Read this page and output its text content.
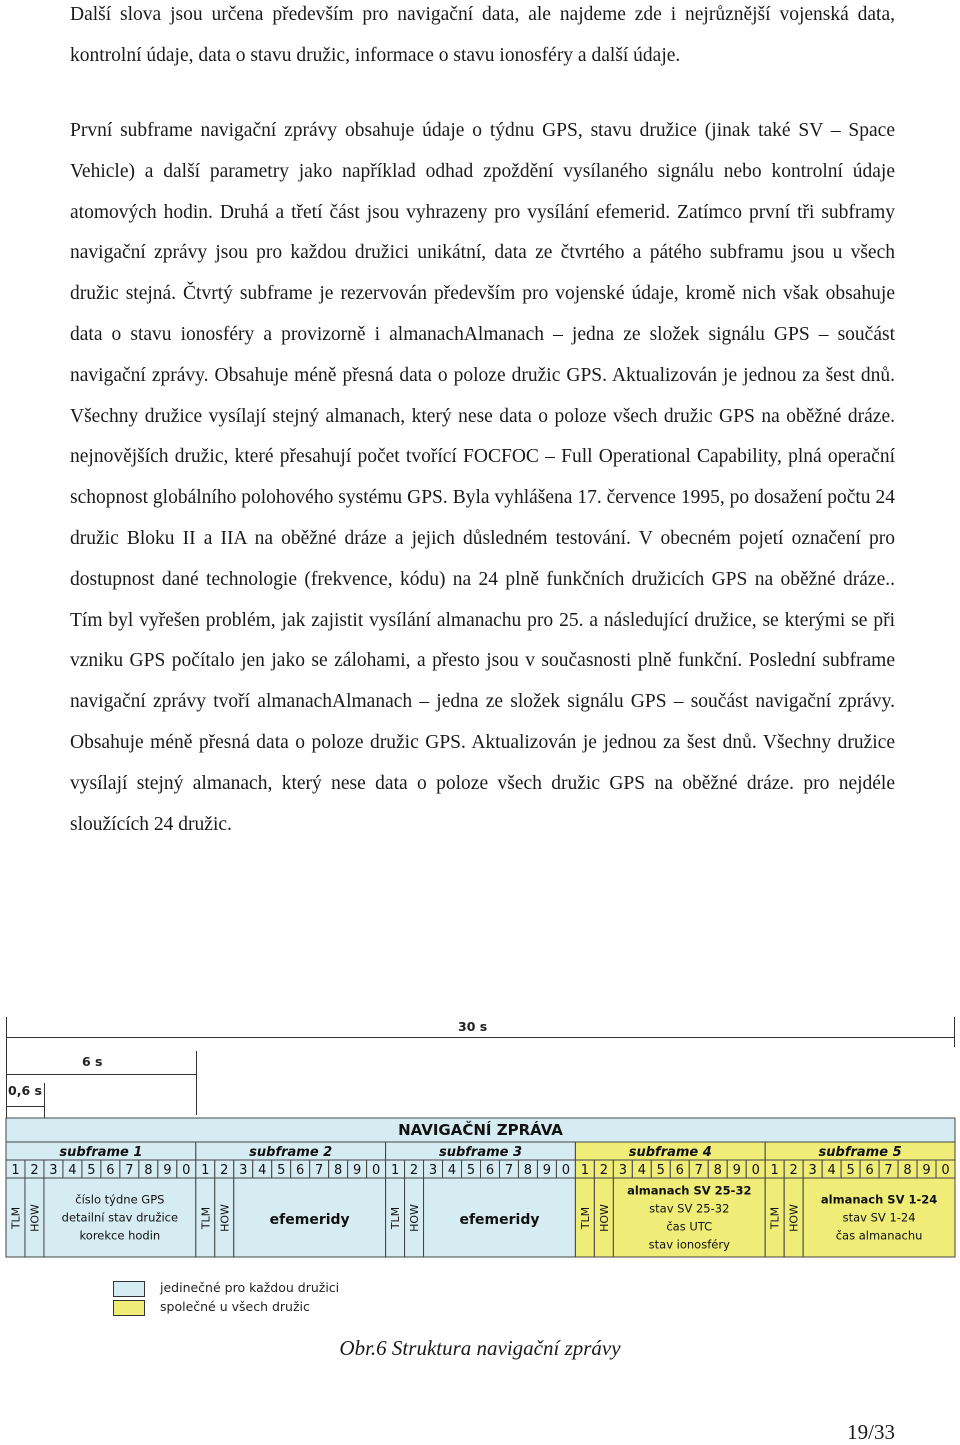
Další slova jsou určena především pro navigační data, ale najdeme zde i nejrůznější vojenská data, kontrolní údaje, data o stavu družic, informace o stavu ionosféry a další údaje.

První subframe navigační zprávy obsahuje údaje o týdnu GPS, stavu družice (jinak také SV – Space Vehicle) a další parametry jako například odhad zpoždění vysílaného signálu nebo kontrolní údaje atomových hodin. Druhá a třetí část jsou vyhrazeny pro vysílání efemerid. Zatímco první tři subframy navigační zprávy jsou pro každou družici unikátní, data ze čtvrtého a pátého subframu jsou u všech družic stejná. Čtvrtý subframe je rezervován především pro vojenské údaje, kromě nich však obsahuje data o stavu ionosféry a provizorně i almanachAlmanach – jedna ze složek signálu GPS – součást navigační zprávy. Obsahuje méně přesná data o poloze družic GPS. Aktualizován je jednou za šest dnů. Všechny družice vysílají stejný almanach, který nese data o poloze všech družic GPS na oběžné dráze. nejnovějších družic, které přesahují počet tvořící FOCFOC – Full Operational Capability, plná operační schopnost globálního polohového systému GPS. Byla vyhlášena 17. července 1995, po dosažení počtu 24 družic Bloku II a IIA na oběžné dráze a jejich důsledném testování. V obecném pojetí označení pro dostupnost dané technologie (frekvence, kódu) na 24 plně funkčních družicích GPS na oběžné dráze.. Tím byl vyřešen problém, jak zajistit vysílání almanachu pro 25. a následující družice, se kterými se při vzniku GPS počítalo jen jako se zálohami, a přesto jsou v současnosti plně funkční. Poslední subframe navigační zprávy tvoří almanachAlmanach – jedna ze složek signálu GPS – součást navigační zprávy. Obsahuje méně přesná data o poloze družic GPS. Aktualizován je jednou za šest dnů. Všechny družice vysílají stejný almanach, který nese data o poloze všech družic GPS na oběžné dráze. pro nejdéle sloužících 24 družic.

30 s
6 s
0,6 s
NAVIGAČNÍ ZPRÁVA
subframe 1
1 2 3 4 5 6 7 8 9 0
TLM HOW
číslo týdne GPS
detailní stav družice
korekce hodin
subframe 2
1 2 3 4 5 6 7 8 9 0
TLM HOW	efemeridy
subframe 3
1 2 3 4 5 6 7 8 9 0
TLM HOW	efemeridy
subframe 4
1 2 3 4 5 6 7 8 9 0
TLM HOW
almanach SV 25-32
stav SV 25-32
čas UTC
stav ionosféry
subframe 5
1 2 3 4 5 6 7 8 9 0
TLM HOW
almanach SV 1-24
stav SV 1-24
čas almanachu
jedinečné pro každou družici
společné u všech družic
Obr.6 Struktura navigační zprávy
19/33
